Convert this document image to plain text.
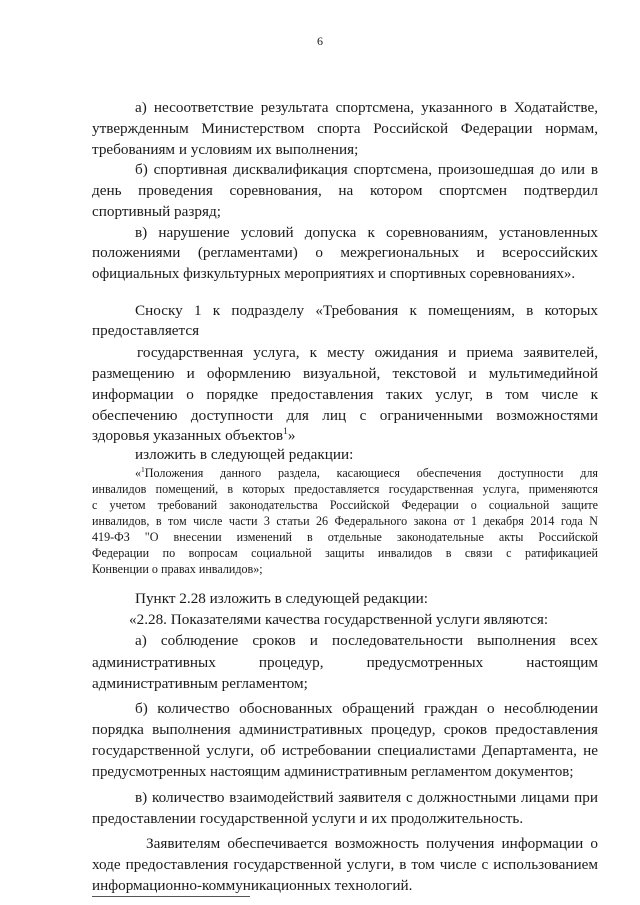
6
а) несоответствие результата спортсмена, указанного в Ходатайстве,
утвержденным Министерством спорта Российской Федерации нормам,
требованиям и условиям их выполнения;
б) спортивная дисквалификация спортсмена, произошедшая до или в
день проведения соревнования, на котором спортсмен подтвердил
спортивный разряд;
в) нарушение условий допуска к соревнованиям, установленных
положениями (регламентами) о межрегиональных и всероссийских
официальных физкультурных мероприятиях и спортивных соревнованиях».
Сноску 1 к подразделу «Требования к помещениям, в которых
предоставляется
государственная услуга, к месту ожидания и приема заявителей,
размещению и оформлению визуальной, текстовой и мультимедийной
информации о порядке предоставления таких услуг, в том числе к
обеспечению доступности для лиц с ограниченными возможностями
здоровья указанных объектов$^1$»
изложить в следующей редакции:
«$^1$Положения данного раздела, касающиеся обеспечения доступности для
инвалидов помещений, в которых предоставляется государственная услуга, применяются
с учетом требований законодательства Российской Федерации о социальной защите
инвалидов, в том числе части 3 статьи 26 Федерального закона от 1 декабря 2014 года N
419-ФЗ "О внесении изменений в отдельные законодательные акты Российской
Федерации по вопросам социальной защиты инвалидов в связи с ратификацией
Конвенции о правах инвалидов»;
Пункт 2.28 изложить в следующей редакции:
«2.28. Показателями качества государственной услуги являются:
а) соблюдение сроков и последовательности выполнения всех
административных процедур, предусмотренных настоящим
административным регламентом;
б) количество обоснованных обращений граждан о несоблюдении
порядка выполнения административных процедур, сроков предоставления
государственной услуги, об истребовании специалистами Департамента, не
предусмотренных настоящим административным регламентом документов;
в) количество взаимодействий заявителя с должностными лицами при
предоставлении государственной услуги и их продолжительность.
Заявителям обеспечивается возможность получения информации о
ходе предоставления государственной услуги, в том числе с использованием
информационно-коммуникационных технологий.
